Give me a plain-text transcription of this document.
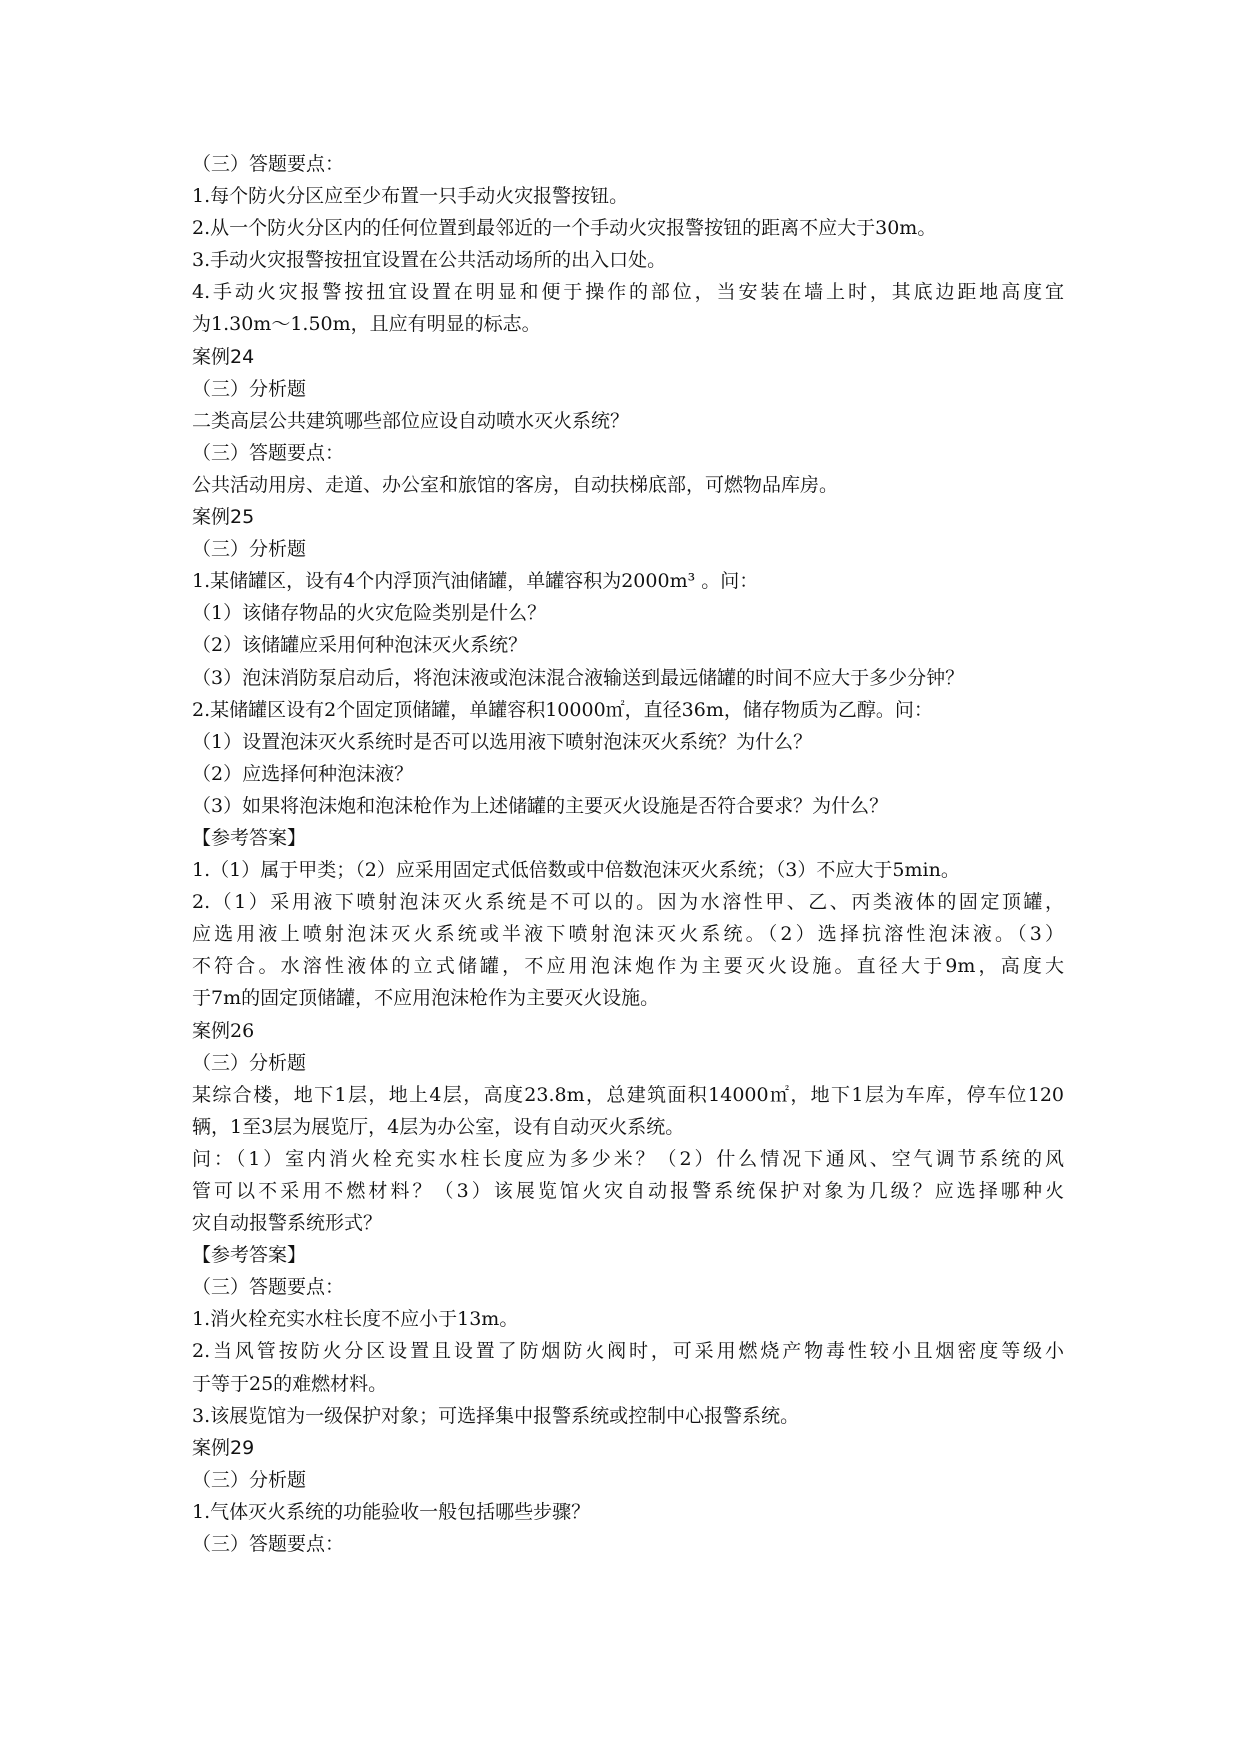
（三）答题要点：
1.每个防火分区应至少布置一只手动火灾报警按钮。
2.从一个防火分区内的任何位置到最邻近的一个手动火灾报警按钮的距离不应大于30m。
3.手动火灾报警按扭宜设置在公共活动场所的出入口处。
4.手动火灾报警按扭宜设置在明显和便于操作的部位，当安装在墙上时，其底边距地高度宜
为1.30m～1.50m，且应有明显的标志。
案例24
（三）分析题
二类高层公共建筑哪些部位应设自动喷水灭火系统？
（三）答题要点：
公共活动用房、走道、办公室和旅馆的客房，自动扶梯底部，可燃物品库房。
案例25
（三）分析题
1.某储罐区，设有4个内浮顶汽油储罐，单罐容积为2000m³ 。问：
（1）该储存物品的火灾危险类别是什么？
（2）该储罐应采用何种泡沫灭火系统？
（3）泡沫消防泵启动后，将泡沫液或泡沫混合液输送到最远储罐的时间不应大于多少分钟？
2.某储罐区设有2个固定顶储罐，单罐容积10000㎡，直径36m，储存物质为乙醇。问：
（1）设置泡沫灭火系统时是否可以选用液下喷射泡沫灭火系统？为什么？
（2）应选择何种泡沫液？
（3）如果将泡沫炮和泡沫枪作为上述储罐的主要灭火设施是否符合要求？为什么？
【参考答案】
1.（1）属于甲类；（2）应采用固定式低倍数或中倍数泡沫灭火系统；（3）不应大于5min。
2.（1）采用液下喷射泡沫灭火系统是不可以的。因为水溶性甲、乙、丙类液体的固定顶罐，
应选用液上喷射泡沫灭火系统或半液下喷射泡沫灭火系统。（2）选择抗溶性泡沫液。（3）
不符合。水溶性液体的立式储罐，不应用泡沫炮作为主要灭火设施。直径大于9m，高度大
于7m的固定顶储罐，不应用泡沫枪作为主要灭火设施。
案例26
（三）分析题
某综合楼，地下1层，地上4层，高度23.8m，总建筑面积14000㎡，地下1层为车库，停车位120
辆，1至3层为展览厅，4层为办公室，设有自动灭火系统。
问：（1）室内消火栓充实水柱长度应为多少米？（2）什么情况下通风、空气调节系统的风
管可以不采用不燃材料？（3）该展览馆火灾自动报警系统保护对象为几级？应选择哪种火
灾自动报警系统形式？
【参考答案】
（三）答题要点：
1.消火栓充实水柱长度不应小于13m。
2.当风管按防火分区设置且设置了防烟防火阀时，可采用燃烧产物毒性较小且烟密度等级小
于等于25的难燃材料。
3.该展览馆为一级保护对象；可选择集中报警系统或控制中心报警系统。
案例29
（三）分析题
1.气体灭火系统的功能验收一般包括哪些步骤？
（三）答题要点：
